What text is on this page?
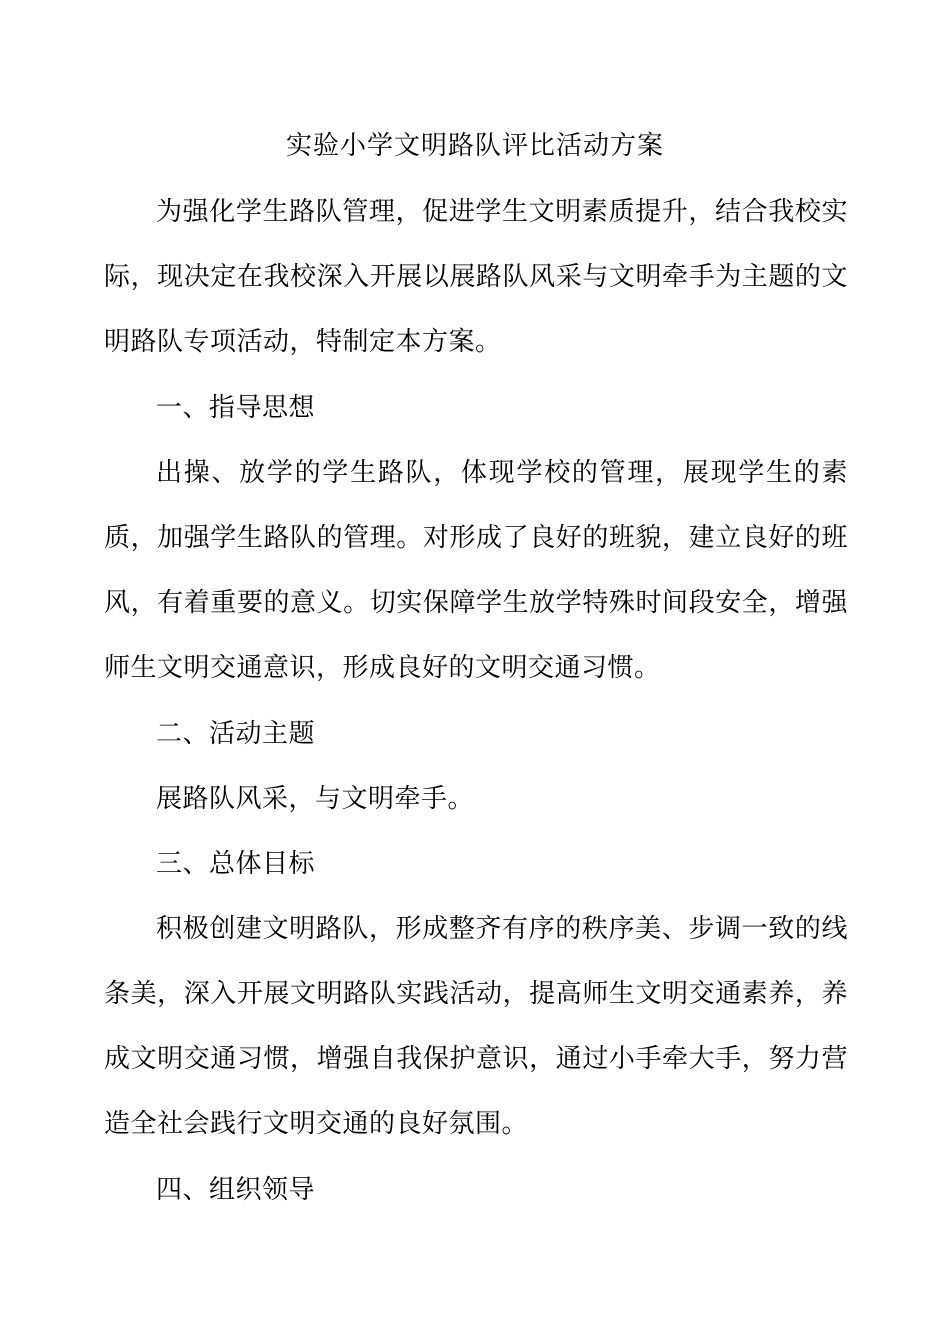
实验小学文明路队评比活动方案

为强化学生路队管理，促进学生文明素质提升，结合我校实际，现决定在我校深入开展以展路队风采与文明牵手为主题的文明路队专项活动，特制定本方案。

一、指导思想

出操、放学的学生路队，体现学校的管理，展现学生的素质，加强学生路队的管理。对形成了良好的班貌，建立良好的班风，有着重要的意义。切实保障学生放学特殊时间段安全，增强师生文明交通意识，形成良好的文明交通习惯。

二、活动主题

展路队风采，与文明牵手。

三、总体目标

积极创建文明路队，形成整齐有序的秩序美、步调一致的线条美，深入开展文明路队实践活动，提高师生文明交通素养，养成文明交通习惯，增强自我保护意识，通过小手牵大手，努力营造全社会践行文明交通的良好氛围。

四、组织领导
